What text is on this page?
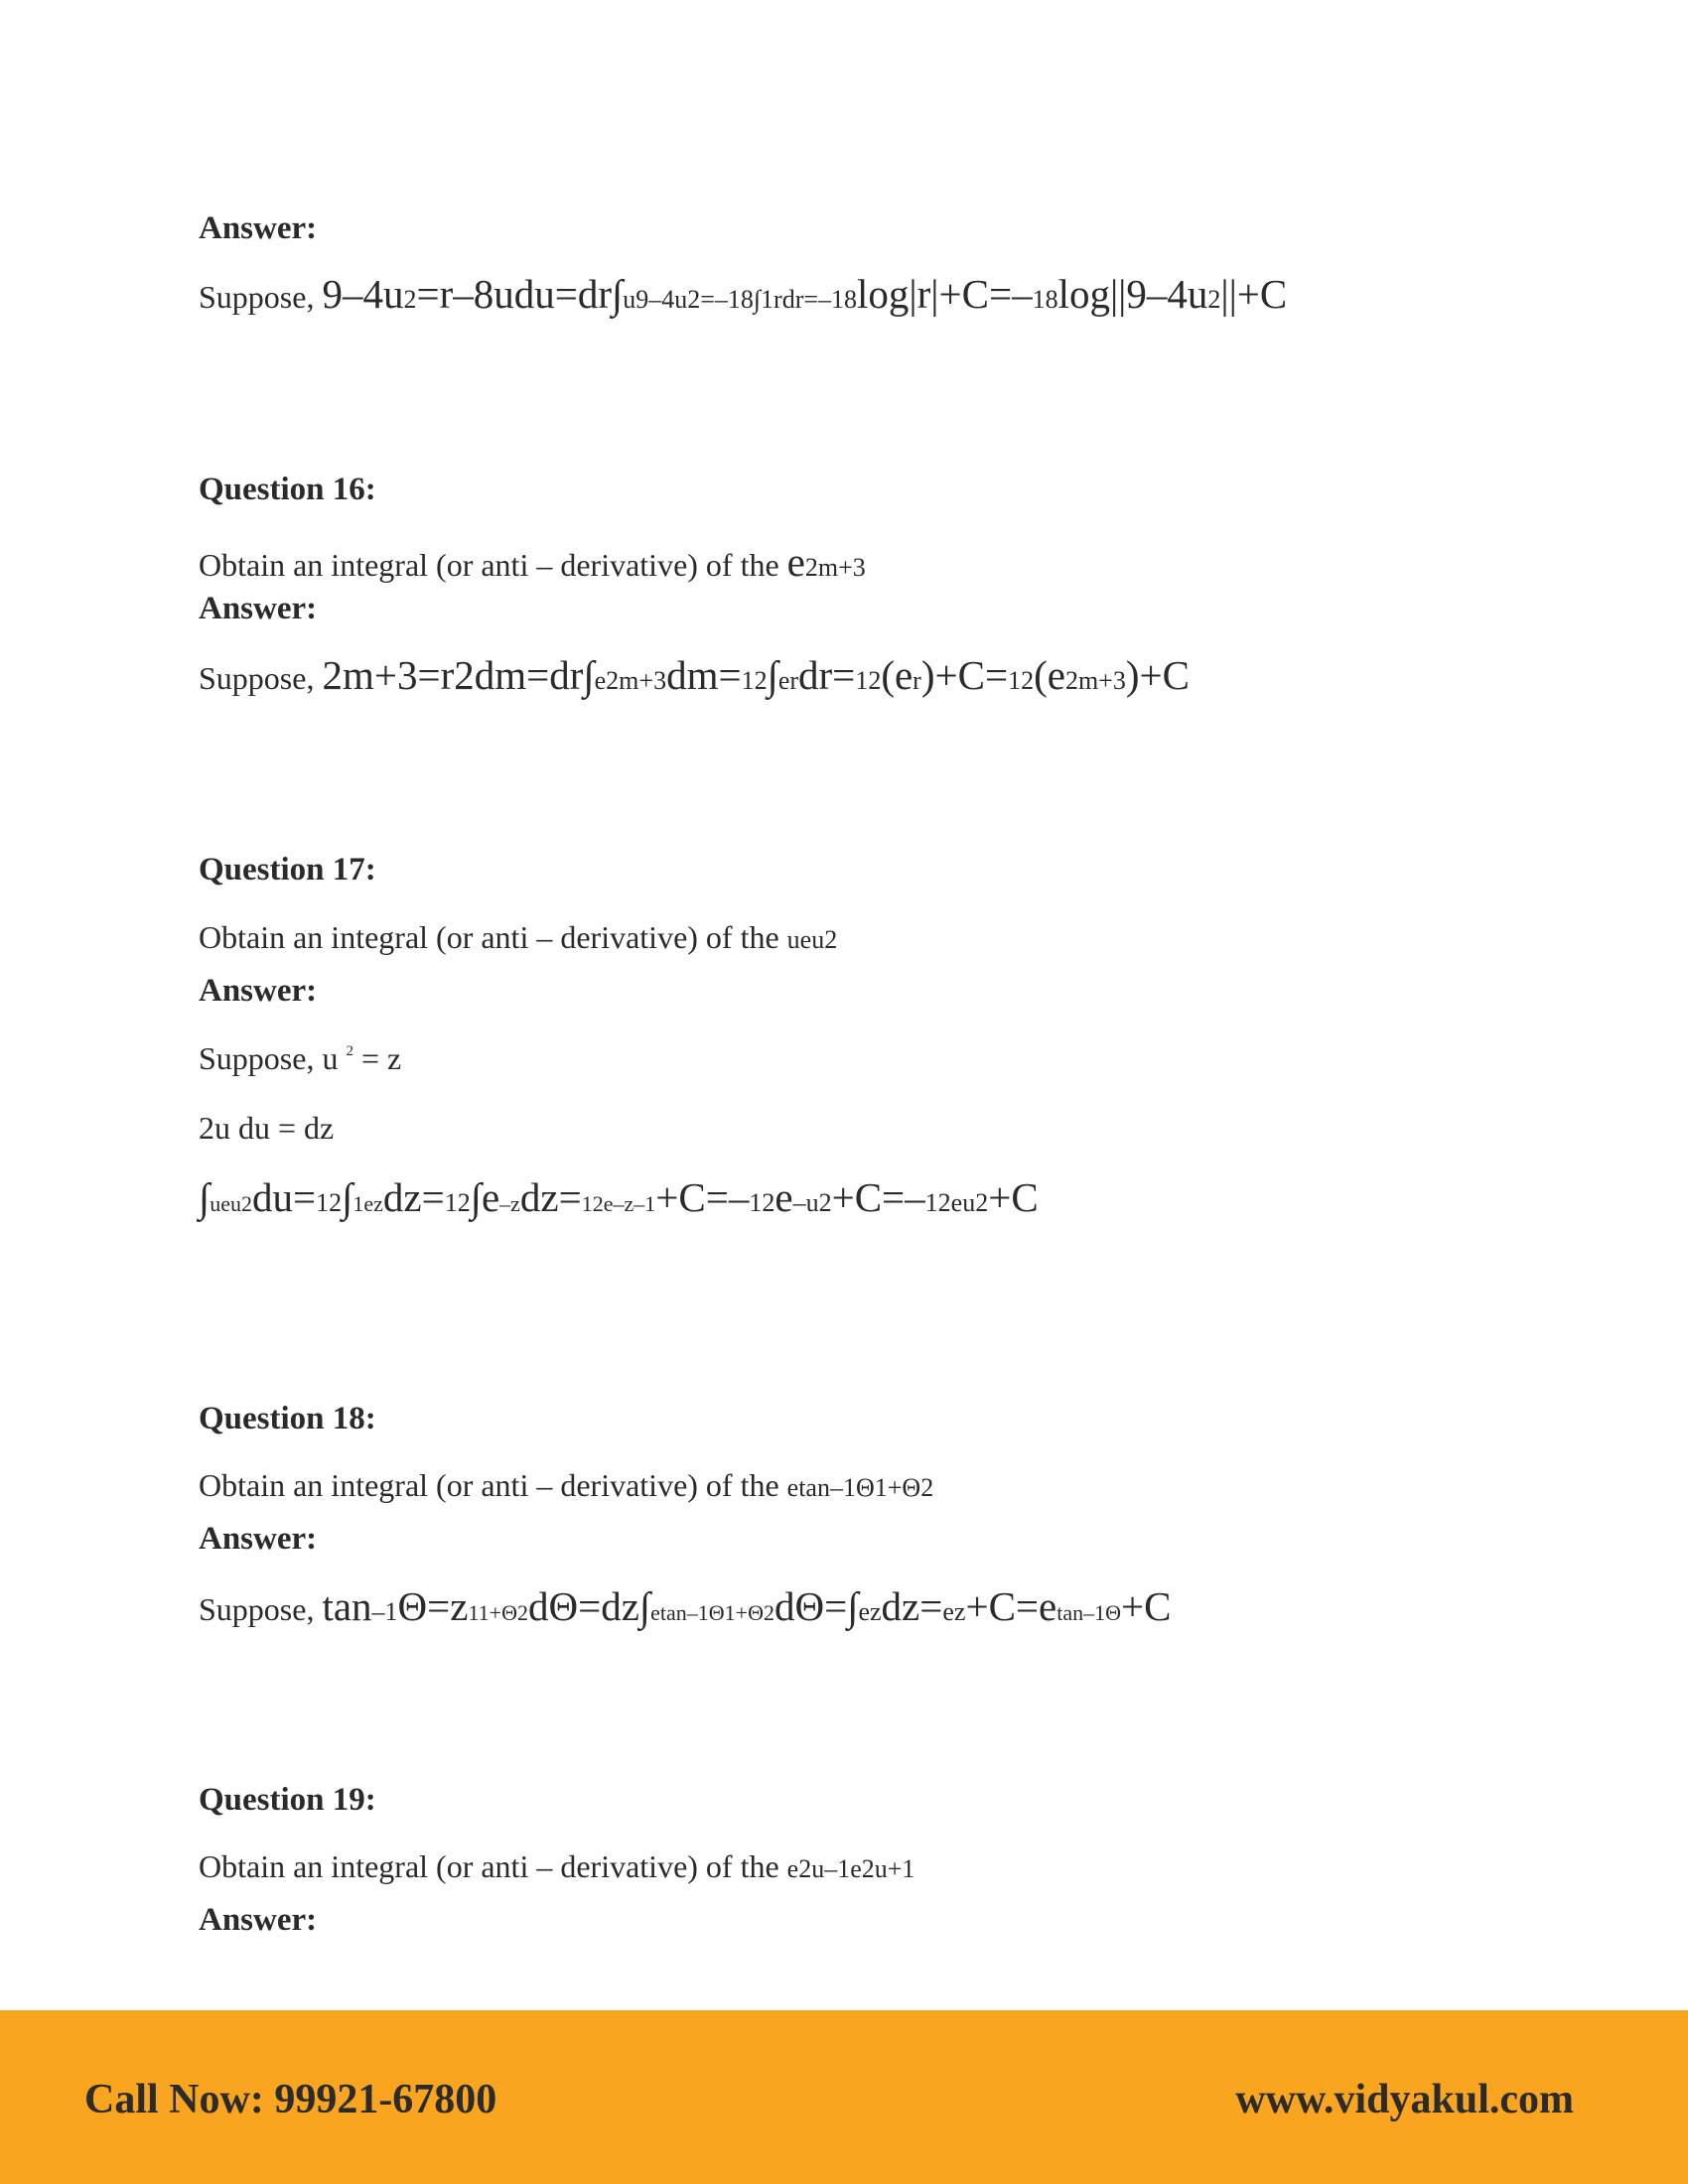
Answer:
Suppose, 9–4u2=r–8udu=dr∫u9–4u2=–18∫1rdr=–18log|r|+C=–18log||9–4u2||+C
Question 16:
Obtain an integral (or anti – derivative) of the e2m+3
Answer:
Suppose, 2m+3=r2dm=dr∫e2m+3dm=12∫erdr=12(er)+C=12(e2m+3)+C
Question 17:
Obtain an integral (or anti – derivative) of the ueu2
Answer:
Suppose, u $^2$ = z
2u du = dz
∫ueu2du=12∫1ezdz=12∫e–zdz=12e–z–1+C=–12e–u2+C=–12eu2+C
Question 18:
Obtain an integral (or anti – derivative) of the etan–1Θ1+Θ2
Answer:
Suppose, tan–1Θ=z11+Θ2dΘ=dz∫etan–1Θ1+Θ2dΘ=∫ezdz=ez+C=etan–1Θ+C
Question 19:
Obtain an integral (or anti – derivative) of the e2u–1e2u+1
Answer:
Call Now: 99921-67800	www.vidyakul.com
